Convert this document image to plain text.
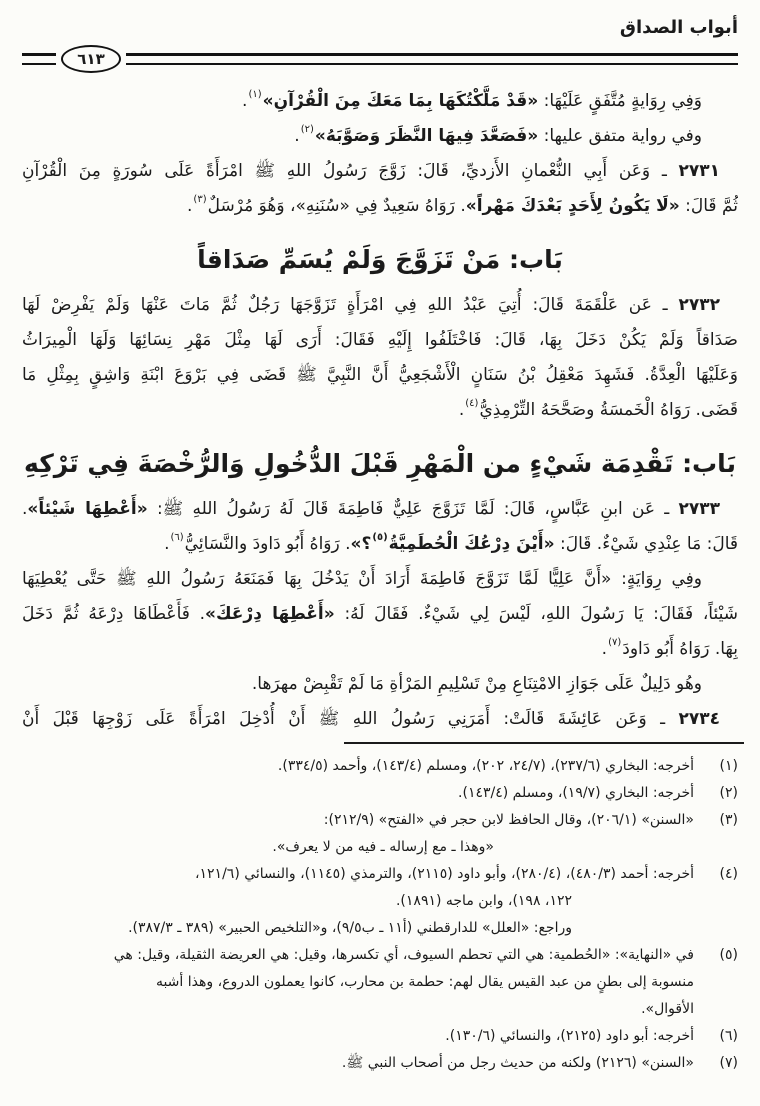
أبواب الصداق
٦١٣
وَفِي رِوَايةٍ مُتَّفَقٍ عَلَيْهَا: «قَدْ مَلَّكْتُكَهَا بِمَا مَعَكَ مِنَ الْقُرْآنِ»$^{(١)}$.
وفي رواية متفق عليها: «فَصَعَّدَ فِيهَا النَّظَرَ وَصَوَّبَهُ»$^{(٢)}$.
٢٧٣١ ـ وَعَن أَبِي النُّعْمانِ الأَزديِّ، قَالَ: زَوَّجَ رَسُولُ اللهِ ﷺ امْرَأَةً عَلَى سُورَةٍ مِنَ الْقُرْآنِ
ثُمَّ قَالَ: «لَا يَكُونُ لِأَحَدٍ بَعْدَكَ مَهْراً». رَوَاهُ سَعِيدٌ فِي «سُنَنِهِ»، وَهُوَ مُرْسَلٌ$^{(٣)}$.
بَاب: مَنْ تَزَوَّجَ وَلَمْ يُسَمِّ صَدَاقاً
٢٧٣٢ ـ عَن عَلْقَمَةَ قَالَ: أُتِيَ عَبْدُ اللهِ فِي امْرَأَةٍ تَزَوَّجَهَا رَجُلٌ ثُمَّ مَاتَ عَنْهَا وَلَمْ يَفْرِضْ لَهَا
صَدَاقاً وَلَمْ يَكُنْ دَخَلَ بِهَا، قَالَ: فَاخْتَلَفُوا إِلَيْهِ فَقَالَ: أَرَى لَهَا مِثْلَ مَهْرِ نِسَائِهَا وَلَهَا الْمِيرَاثُ
وَعَلَيْهَا الْعِدَّةُ. فَشَهِدَ مَعْقِلُ بْنُ سَنَانٍ الْأَشْجَعِيُّ أَنَّ النَّبِيَّ ﷺ قَضَى فِي بَرْوَعَ ابْنَةِ وَاشِقٍ بِمِثْلِ مَا
قَضَى. رَوَاهُ الْخَمسَةُ وصَحَّحَهُ التِّرْمِذِيُّ$^{(٤)}$.
بَاب: تَقْدِمَة شَيْءٍ من الْمَهْرِ قَبْلَ الدُّخُولِ وَالرُّخْصَةَ فِي تَرْكِهِ
٢٧٣٣ ـ عَن ابنِ عَبَّاسٍ، قَالَ: لَمَّا تَزَوَّجَ عَلِيٌّ فَاطِمَةَ قَالَ لَهُ رَسُولُ اللهِ ﷺ: «أَعْطِهَا شَيْئاً».
قَالَ: مَا عِنْدِي شَيْءٌ. قَالَ: «أَيْنَ دِرْعُكَ الْحُطَمِيَّةُ$^{(٥)}$؟». رَوَاهُ أَبُو دَاودَ والنَّسَائِيُّ$^{(٦)}$.
وفِي رِوَايَةٍ: «أَنَّ عَلِيًّا لَمَّا تَزَوَّجَ فَاطِمَةَ أَرَادَ أَنْ يَدْخُلَ بِهَا فَمَنَعَهُ رَسُولُ اللهِ ﷺ حَتَّى يُعْطِيَهَا
شَيْئاً، فَقَالَ: يَا رَسُولَ اللهِ، لَيْسَ لِي شَيْءٌ. فَقَالَ لَهُ: «أَعْطِهَا دِرْعَكَ». فَأَعْطَاهَا دِرْعَهُ ثُمَّ دَخَلَ
بِهَا. رَوَاهُ أَبُو دَاودَ$^{(٧)}$.
وهُو دَلِيلٌ عَلَى جَوَازِ الامْتِنَاعِ مِنْ تَسْلِيمِ المَرْأةِ مَا لَمْ تَقْبِضْ مهرَها.
٢٧٣٤ ـ وَعَن عَائِشَةَ قَالَتْ: أَمَرَنِي رَسُولُ اللهِ ﷺ أَنْ أُدْخِلَ امْرَأَةً عَلَى زَوْجِهَا قَبْلَ أَنْ
(١)
أخرجه: البخاري (٢٣٧/٦)، (٢٤/٧، ٢٠٢)، ومسلم (١٤٣/٤)، وأحمد (٣٣٤/٥).
(٢)
أخرجه: البخاري (١٩/٧)، ومسلم (١٤٣/٤).
(٣)
«السنن» (٢٠٦/١)، وقال الحافظ لابن حجر في «الفتح» (٢١٢/٩):
«وهذا ـ مع إرساله ـ فيه من لا يعرف».
(٤)
أخرجه: أحمد (٤٨٠/٣)، (٢٨٠/٤)، وأبو داود (٢١١٥)، والترمذي (١١٤٥)، والنسائي (١٢١/٦،
١٢٢، ١٩٨)، وابن ماجه (١٨٩١).
وراجع: «العلل» للدارقطني (‭٩/٥ب ـ ١١أ‬)، و«التلخيص الحبير» (‭٣٨٧/٣ ـ ٣٨٩‬).
(٥)
في «النهاية»: «الحُطمية: هي التي تحطم السيوف، أي تكسرها، وقيل: هي العريضة الثقيلة، وقيل: هي
منسوبة إلى بطنٍ من عبد القيس يقال لهم: حطمة بن محارب، كانوا يعملون الدروع، وهذا أشبه
الأقوال».
(٦)
أخرجه: أبو داود (٢١٢٥)، والنسائي (١٣٠/٦).
(٧)
«السنن» (٢١٢٦) ولكنه من حديث رجل من أصحاب النبي ﷺ.
